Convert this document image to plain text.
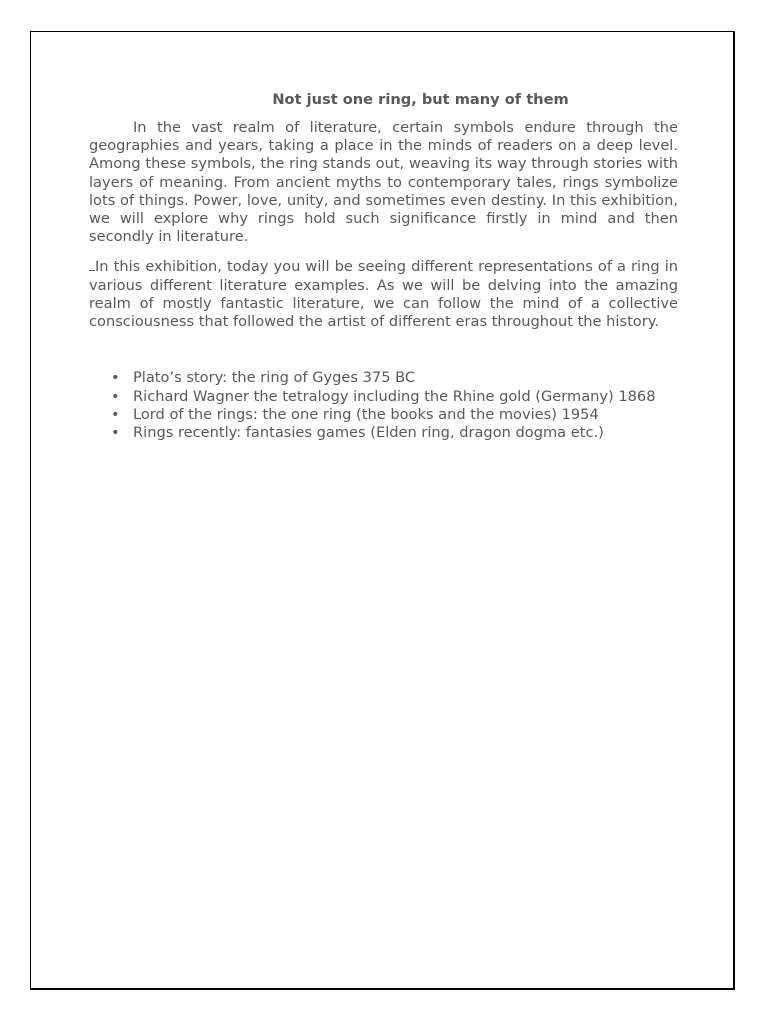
Not just one ring, but many of them
In the vast realm of literature, certain symbols endure through the geographies and years, taking a place in the minds of readers on a deep level. Among these symbols, the ring stands out, weaving its way through stories with layers of meaning. From ancient myths to contemporary tales, rings symbolize lots of things. Power, love, unity, and sometimes even destiny. In this exhibition, we will explore why rings hold such significance firstly in mind and then secondly in literature.
In this exhibition, today you will be seeing different representations of a ring in various different literature examples. As we will be delving into the amazing realm of mostly fantastic literature, we can follow the mind of a collective consciousness that followed the artist of different eras throughout the history.
• Plato’s story: the ring of Gyges 375 BC
• Richard Wagner the tetralogy including the Rhine gold (Germany) 1868
• Lord of the rings: the one ring (the books and the movies) 1954
• Rings recently: fantasies games (Elden ring, dragon dogma etc.)
